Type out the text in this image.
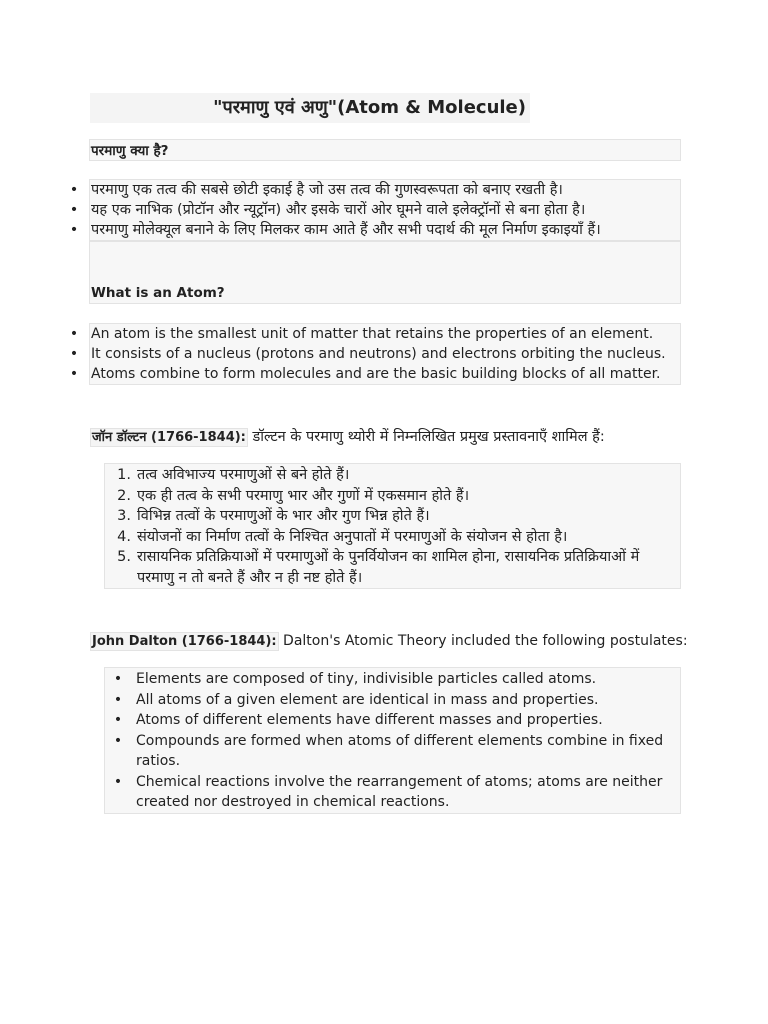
"परमाणु एवं अणु"(Atom & Molecule)
परमाणु क्या है?
• परमाणु एक तत्व की सबसे छोटी इकाई है जो उस तत्व की गुणस्वरूपता को बनाए रखती है।
• यह एक नाभिक (प्रोटॉन और न्यूट्रॉन) और इसके चारों ओर घूमने वाले इलेक्ट्रॉनों से बना होता है।
• परमाणु मोलेक्यूल बनाने के लिए मिलकर काम आते हैं और सभी पदार्थ की मूल निर्माण इकाइयाँ हैं।
What is an Atom?
• An atom is the smallest unit of matter that retains the properties of an element.
• It consists of a nucleus (protons and neutrons) and electrons orbiting the nucleus.
• Atoms combine to form molecules and are the basic building blocks of all matter.
जॉन डॉल्टन (1766-1844): डॉल्टन के परमाणु थ्योरी में निम्नलिखित प्रमुख प्रस्तावनाएँ शामिल हैं:
1. तत्व अविभाज्य परमाणुओं से बने होते हैं।
2. एक ही तत्व के सभी परमाणु भार और गुणों में एकसमान होते हैं।
3. विभिन्न तत्वों के परमाणुओं के भार और गुण भिन्न होते हैं।
4. संयोजनों का निर्माण तत्वों के निश्चित अनुपातों में परमाणुओं के संयोजन से होता है।
5. रासायनिक प्रतिक्रियाओं में परमाणुओं के पुनर्वियोजन का शामिल होना, रासायनिक प्रतिक्रियाओं में परमाणु न तो बनते हैं और न ही नष्ट होते हैं।
John Dalton (1766-1844): Dalton's Atomic Theory included the following postulates:
• Elements are composed of tiny, indivisible particles called atoms.
• All atoms of a given element are identical in mass and properties.
• Atoms of different elements have different masses and properties.
• Compounds are formed when atoms of different elements combine in fixed ratios.
• Chemical reactions involve the rearrangement of atoms; atoms are neither created nor destroyed in chemical reactions.
